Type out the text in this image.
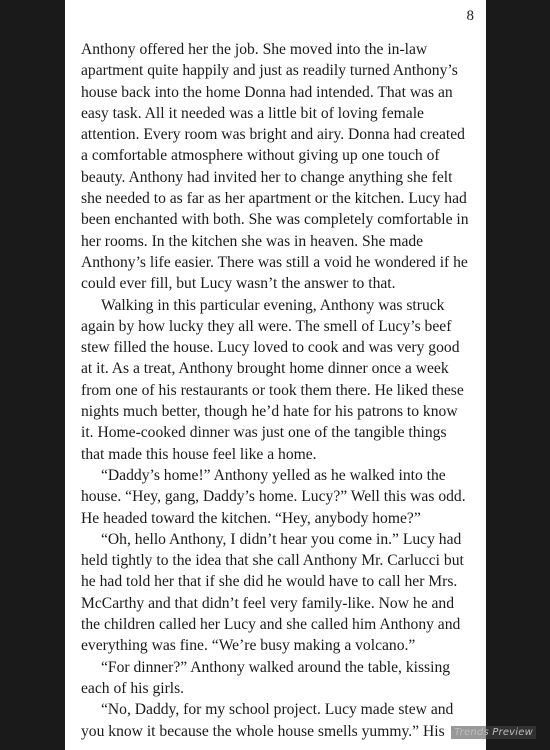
8

Anthony offered her the job. She moved into the in-law apartment quite happily and just as readily turned Anthony’s house back into the home Donna had intended. That was an easy task. All it needed was a little bit of loving female attention. Every room was bright and airy. Donna had created a comfortable atmosphere without giving up one touch of beauty. Anthony had invited her to change anything she felt she needed to as far as her apartment or the kitchen. Lucy had been enchanted with both. She was completely comfortable in her rooms. In the kitchen she was in heaven. She made Anthony’s life easier. There was still a void he wondered if he could ever fill, but Lucy wasn’t the answer to that.

Walking in this particular evening, Anthony was struck again by how lucky they all were. The smell of Lucy’s beef stew filled the house. Lucy loved to cook and was very good at it. As a treat, Anthony brought home dinner once a week from one of his restaurants or took them there. He liked these nights much better, though he’d hate for his patrons to know it. Home-cooked dinner was just one of the tangible things that made this house feel like a home.

“Daddy’s home!” Anthony yelled as he walked into the house. “Hey, gang, Daddy’s home. Lucy?” Well this was odd. He headed toward the kitchen. “Hey, anybody home?”

“Oh, hello Anthony, I didn’t hear you come in.” Lucy had held tightly to the idea that she call Anthony Mr. Carlucci but he had told her that if she did he would have to call her Mrs. McCarthy and that didn’t feel very family-like. Now he and the children called her Lucy and she called him Anthony and everything was fine. “We’re busy making a volcano.”

“For dinner?” Anthony walked around the table, kissing each of his girls.

“No, Daddy, for my school project. Lucy made stew and you know it because the whole house smells yummy.” His Trends Preview
